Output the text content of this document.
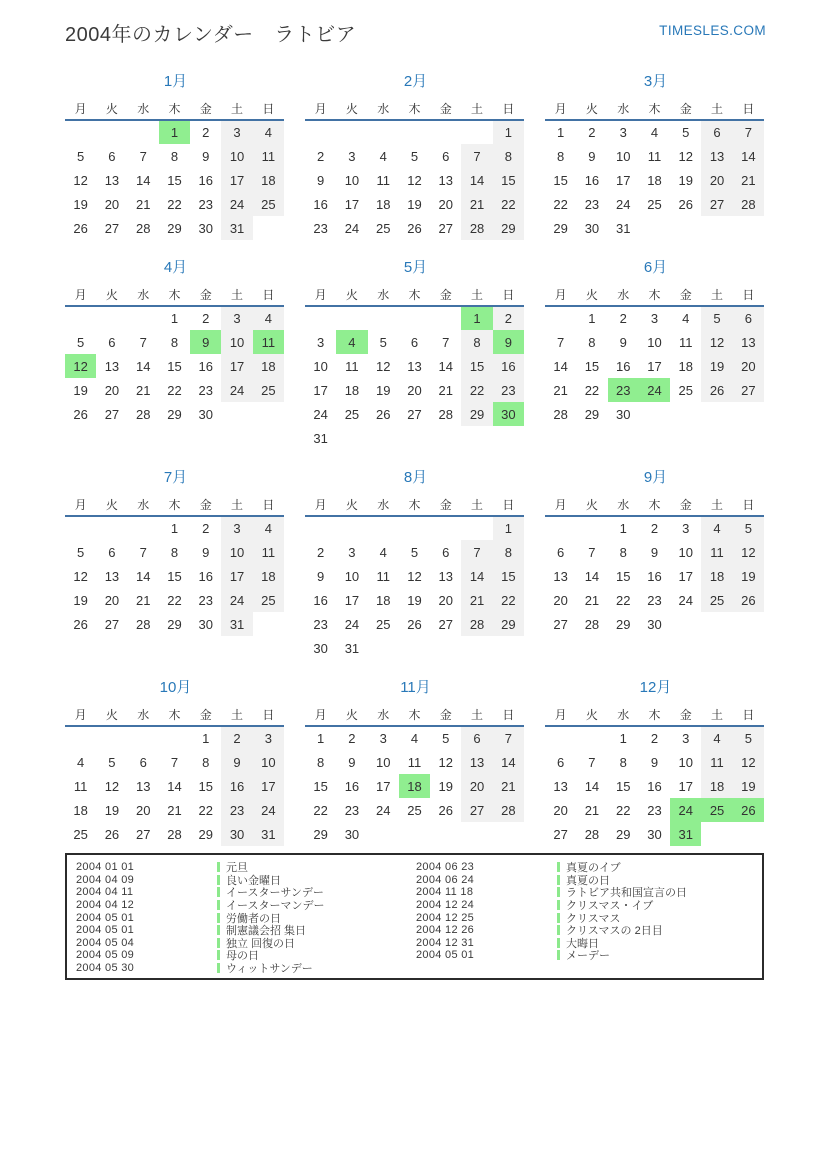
2004年のカレンダー　ラトビア	TIMESLES.COM
1月
月	火	水	木	金	土	日
			1	2	3	4
5	6	7	8	9	10	11
12	13	14	15	16	17	18
19	20	21	22	23	24	25
26	27	28	29	30	31	
2月
月	火	水	木	金	土	日
						1
2	3	4	5	6	7	8
9	10	11	12	13	14	15
16	17	18	19	20	21	22
23	24	25	26	27	28	29
3月
月	火	水	木	金	土	日
1	2	3	4	5	6	7
8	9	10	11	12	13	14
15	16	17	18	19	20	21
22	23	24	25	26	27	28
29	30	31				
4月
月	火	水	木	金	土	日
			1	2	3	4
5	6	7	8	9	10	11
12	13	14	15	16	17	18
19	20	21	22	23	24	25
26	27	28	29	30		
5月
月	火	水	木	金	土	日
					1	2
3	4	5	6	7	8	9
10	11	12	13	14	15	16
17	18	19	20	21	22	23
24	25	26	27	28	29	30
31						
6月
月	火	水	木	金	土	日
	1	2	3	4	5	6
7	8	9	10	11	12	13
14	15	16	17	18	19	20
21	22	23	24	25	26	27
28	29	30				
7月
月	火	水	木	金	土	日
			1	2	3	4
5	6	7	8	9	10	11
12	13	14	15	16	17	18
19	20	21	22	23	24	25
26	27	28	29	30	31	
8月
月	火	水	木	金	土	日
						1
2	3	4	5	6	7	8
9	10	11	12	13	14	15
16	17	18	19	20	21	22
23	24	25	26	27	28	29
30	31					
9月
月	火	水	木	金	土	日
		1	2	3	4	5
6	7	8	9	10	11	12
13	14	15	16	17	18	19
20	21	22	23	24	25	26
27	28	29	30			
10月
月	火	水	木	金	土	日
				1	2	3
4	5	6	7	8	9	10
11	12	13	14	15	16	17
18	19	20	21	22	23	24
25	26	27	28	29	30	31
11月
月	火	水	木	金	土	日
1	2	3	4	5	6	7
8	9	10	11	12	13	14
15	16	17	18	19	20	21
22	23	24	25	26	27	28
29	30					
12月
月	火	水	木	金	土	日
		1	2	3	4	5
6	7	8	9	10	11	12
13	14	15	16	17	18	19
20	21	22	23	24	25	26
27	28	29	30	31		
2004 01 01	元旦
2004 04 09	良い金曜日
2004 04 11	イースターサンデー
2004 04 12	イースターマンデー
2004 05 01	労働者の日
2004 05 01	制憲議会招 集日
2004 05 04	独立 回復の日
2004 05 09	母の日
2004 05 30	ウィットサンデー
2004 06 23	真夏のイブ
2004 06 24	真夏の日
2004 11 18	ラトビア共和国宣言の日
2004 12 24	クリスマス・イブ
2004 12 25	クリスマス
2004 12 26	クリスマスの 2日目
2004 12 31	大晦日
2004 05 01	メーデー
